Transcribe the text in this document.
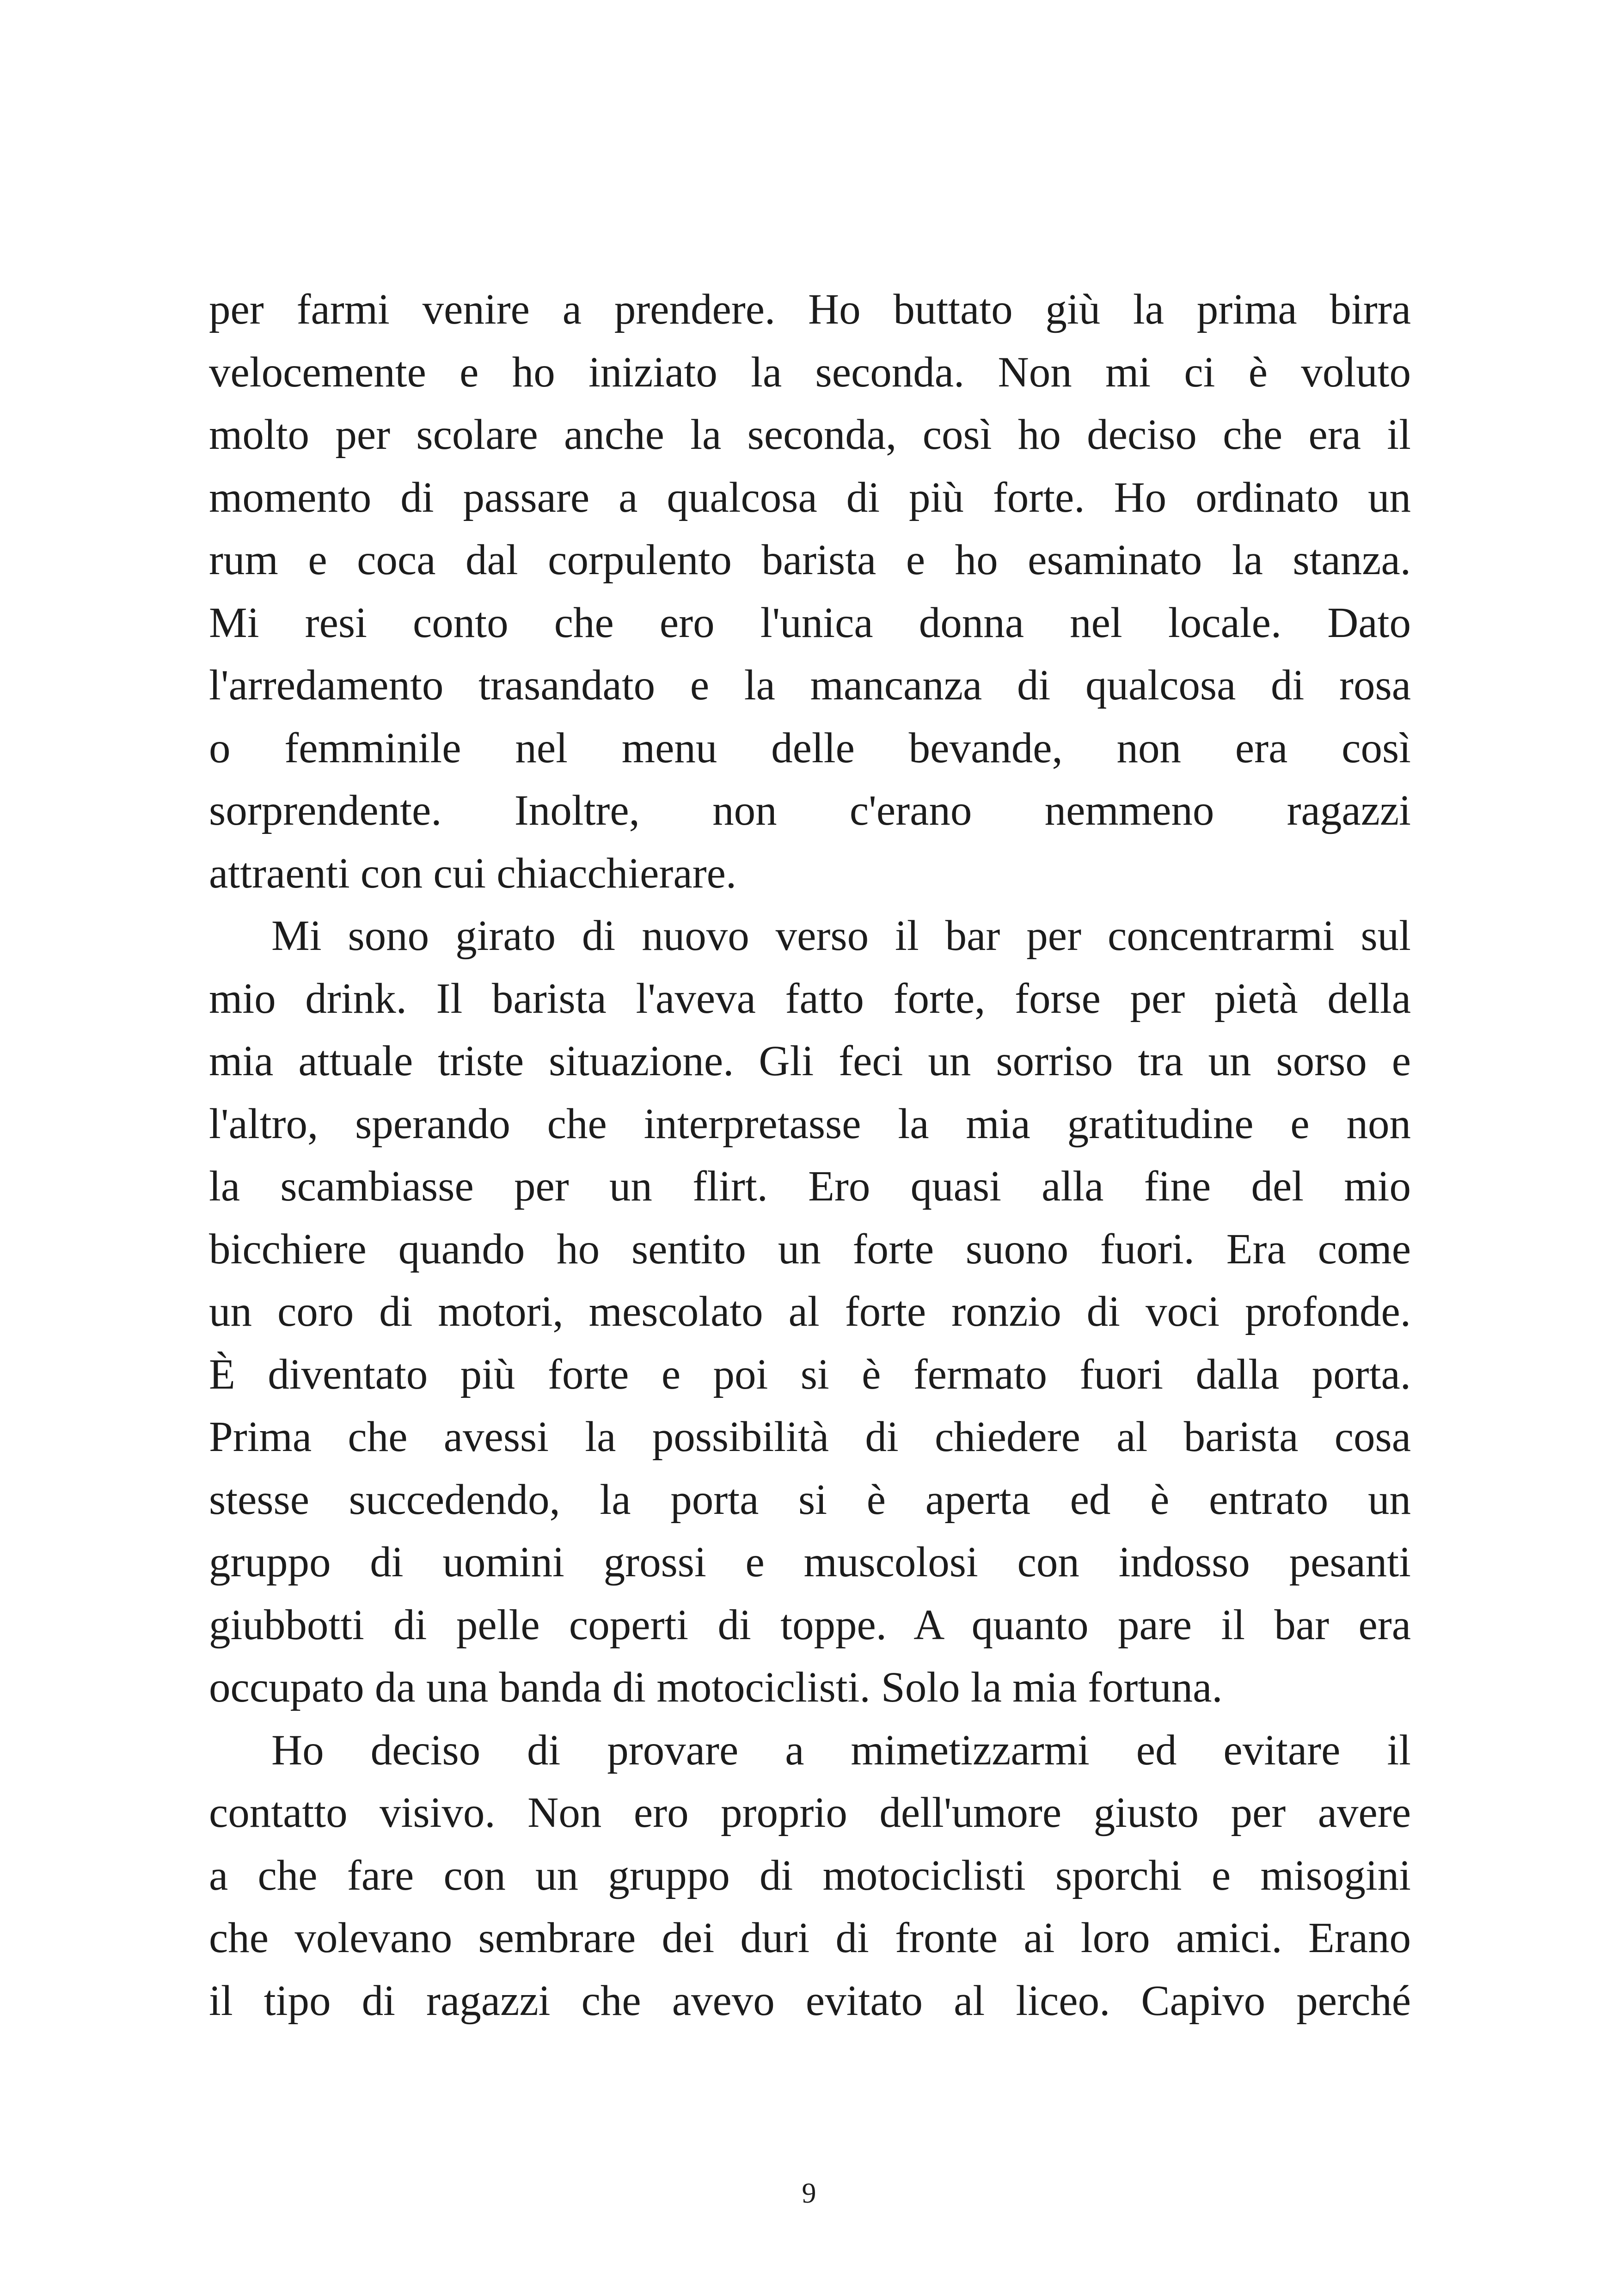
per farmi venire a prendere. Ho buttato giù la prima birra
velocemente e ho iniziato la seconda. Non mi ci è voluto
molto per scolare anche la seconda, così ho deciso che era il
momento di passare a qualcosa di più forte. Ho ordinato un
rum e coca dal corpulento barista e ho esaminato la stanza.
Mi resi conto che ero l'unica donna nel locale. Dato
l'arredamento trasandato e la mancanza di qualcosa di rosa
o femminile nel menu delle bevande, non era così
sorprendente. Inoltre, non c'erano nemmeno ragazzi
attraenti con cui chiacchierare.

Mi sono girato di nuovo verso il bar per concentrarmi sul
mio drink. Il barista l'aveva fatto forte, forse per pietà della
mia attuale triste situazione. Gli feci un sorriso tra un sorso e
l'altro, sperando che interpretasse la mia gratitudine e non
la scambiasse per un flirt. Ero quasi alla fine del mio
bicchiere quando ho sentito un forte suono fuori. Era come
un coro di motori, mescolato al forte ronzio di voci profonde.
È diventato più forte e poi si è fermato fuori dalla porta.
Prima che avessi la possibilità di chiedere al barista cosa
stesse succedendo, la porta si è aperta ed è entrato un
gruppo di uomini grossi e muscolosi con indosso pesanti
giubbotti di pelle coperti di toppe. A quanto pare il bar era
occupato da una banda di motociclisti. Solo la mia fortuna.

Ho deciso di provare a mimetizzarmi ed evitare il
contatto visivo. Non ero proprio dell'umore giusto per avere
a che fare con un gruppo di motociclisti sporchi e misogini
che volevano sembrare dei duri di fronte ai loro amici. Erano
il tipo di ragazzi che avevo evitato al liceo. Capivo perché

9
